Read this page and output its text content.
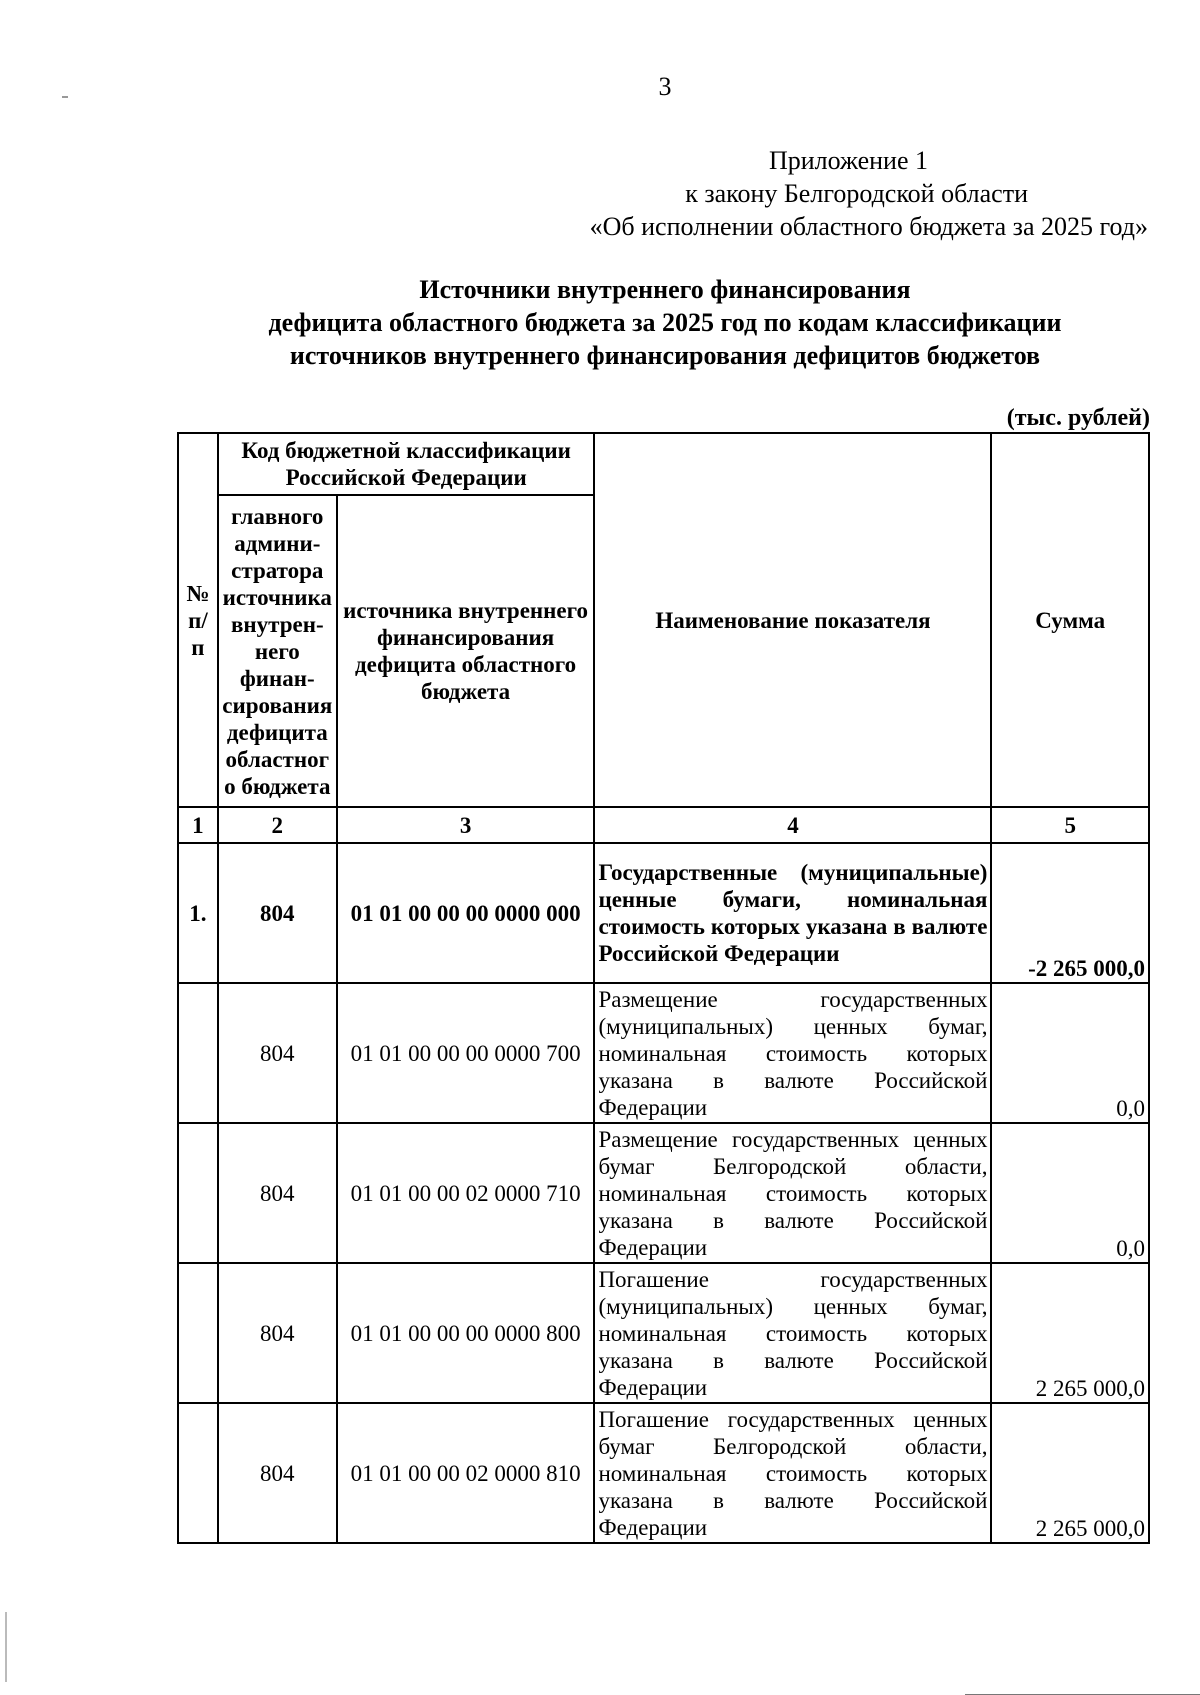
3
Приложение 1
к закону Белгородской области
«Об исполнении областного бюджета за 2025 год»
Источники внутреннего финансирования
дефицита областного бюджета за 2025 год по кодам классификации
источников внутреннего финансирования дефицитов бюджетов
(тыс. рублей)
№ п/п	Код бюджетной классификации Российской Федерации		Наименование показателя	Сумма
	главного админи-стратора источника внутрен-него финан-сирования дефицита областного бюджета	источника внутреннего финансирования дефицита областного бюджета		
1	2	3	4	5
1.	804	01 01 00 00 00 0000 000	Государственные (муниципальные) ценные бумаги, номинальная стоимость которых указана в валюте Российской Федерации	-2 265 000,0
	804	01 01 00 00 00 0000 700	Размещение государственных (муниципальных) ценных бумаг, номинальная стоимость которых указана в валюте Российской Федерации	0,0
	804	01 01 00 00 02 0000 710	Размещение государственных ценных бумаг Белгородской области, номинальная стоимость которых указана в валюте Российской Федерации	0,0
	804	01 01 00 00 00 0000 800	Погашение государственных (муниципальных) ценных бумаг, номинальная стоимость которых указана в валюте Российской Федерации	2 265 000,0
	804	01 01 00 00 02 0000 810	Погашение государственных ценных бумаг Белгородской области, номинальная стоимость которых указана в валюте Российской Федерации	2 265 000,0
